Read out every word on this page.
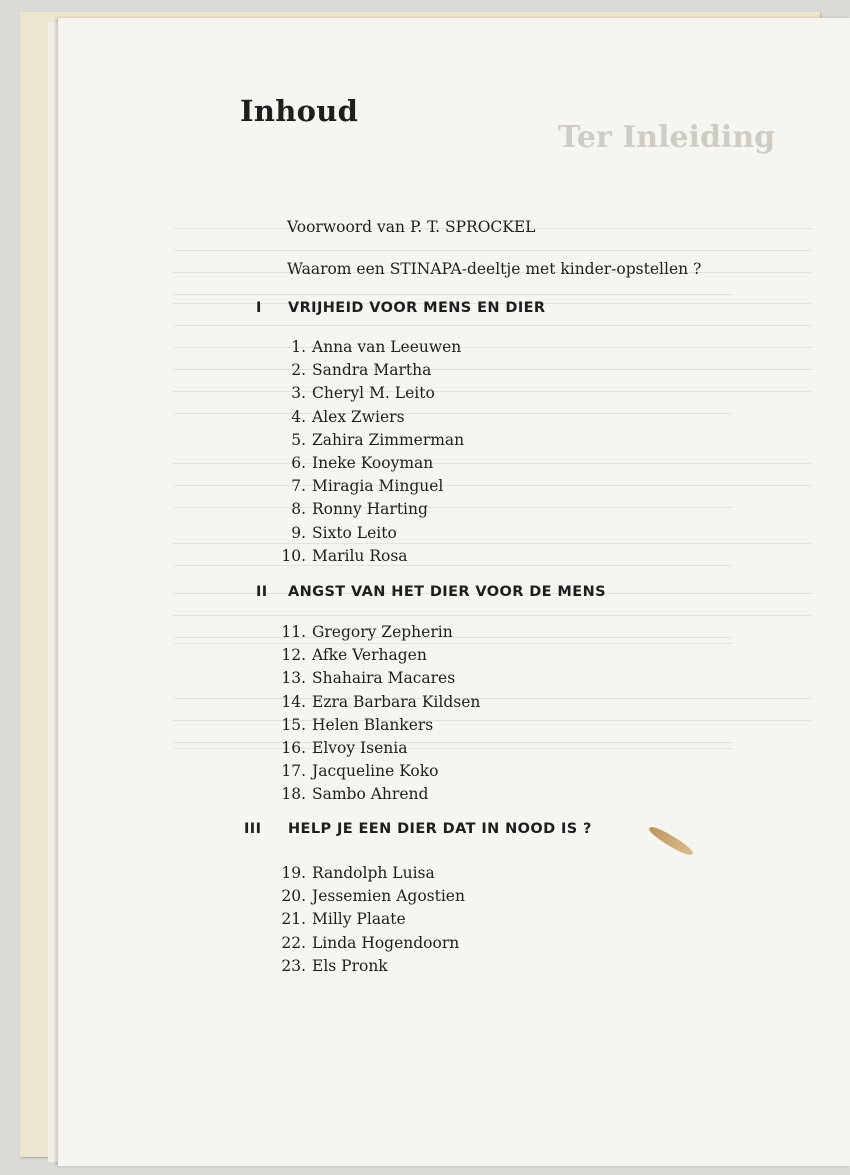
Ter Inleiding
Inhoud
Voorwoord van P. T. SPROCKEL
Waarom een STINAPA-deeltje met kinder-opstellen ?
I VRIJHEID VOOR MENS EN DIER
1. Anna van Leeuwen
2. Sandra Martha
3. Cheryl M. Leito
4. Alex Zwiers
5. Zahira Zimmerman
6. Ineke Kooyman
7. Miragia Minguel
8. Ronny Harting
9. Sixto Leito
10. Marilu Rosa
II ANGST VAN HET DIER VOOR DE MENS
11. Gregory Zepherin
12. Afke Verhagen
13. Shahaira Macares
14. Ezra Barbara Kildsen
15. Helen Blankers
16. Elvoy Isenia
17. Jacqueline Koko
18. Sambo Ahrend
III HELP JE EEN DIER DAT IN NOOD IS ?
19. Randolph Luisa
20. Jessemien Agostien
21. Milly Plaate
22. Linda Hogendoorn
23. Els Pronk
